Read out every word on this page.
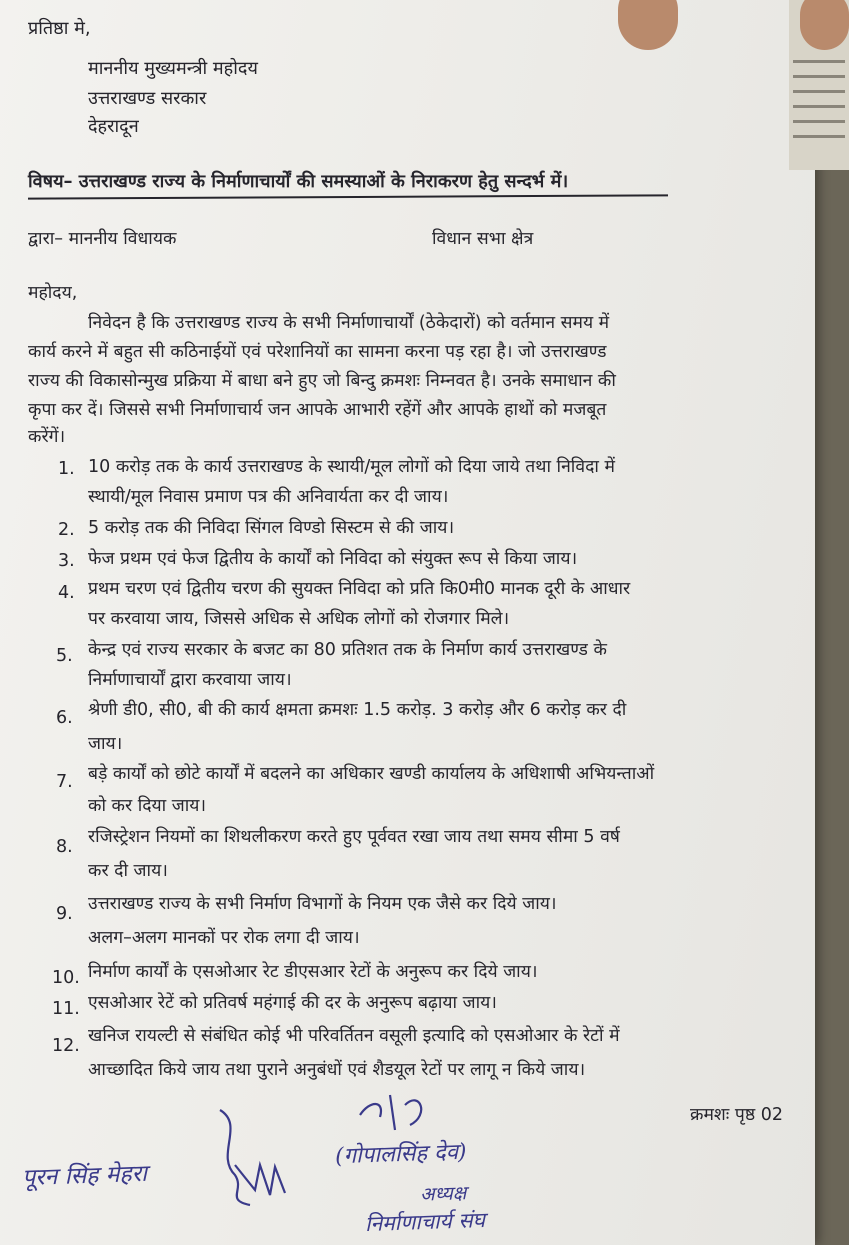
प्रतिष्ठा मे,
माननीय मुख्यमन्त्री महोदय
उत्तराखण्ड सरकार
देहरादून
विषय– उत्तराखण्ड राज्य के निर्माणाचार्यों की समस्याओं के निराकरण हेतु सन्दर्भ में।
द्वारा– माननीय विधायक	विधान सभा क्षेत्र
महोदय,
निवेदन है कि उत्तराखण्ड राज्य के सभी निर्माणाचार्यों (ठेकेदारों) को वर्तमान समय में
कार्य करने में बहुत सी कठिनाईयों एवं परेशानियों का सामना करना पड़ रहा है। जो उत्तराखण्ड
राज्य की विकासोन्मुख प्रक्रिया में बाधा बने हुए जो बिन्दु क्रमशः निम्नवत है। उनके समाधान की
कृपा कर दें। जिससे सभी निर्माणाचार्य जन आपके आभारी रहेंगें और आपके हाथों को मजबूत
करेंगें।
1. 10 करोड़ तक के कार्य उत्तराखण्ड के स्थायी/मूल लोगों को दिया जाये तथा निविदा में
स्थायी/मूल निवास प्रमाण पत्र की अनिवार्यता कर दी जाय।
2. 5 करोड़ तक की निविदा सिंगल विण्डो सिस्टम से की जाय।
3. फेज प्रथम एवं फेज द्वितीय के कार्यों को निविदा को संयुक्त रूप से किया जाय।
4. प्रथम चरण एवं द्वितीय चरण की सुयक्त निविदा को प्रति कि0मी0 मानक दूरी के आधार
पर करवाया जाय, जिससे अधिक से अधिक लोगों को रोजगार मिले।
5. केन्द्र एवं राज्य सरकार के बजट का 80 प्रतिशत तक के निर्माण कार्य उत्तराखण्ड के
निर्माणाचार्यों द्वारा करवाया जाय।
6. श्रेणी डी0, सी0, बी की कार्य क्षमता क्रमशः 1.5 करोड़. 3 करोड़ और 6 करोड़ कर दी
जाय।
7. बड़े कार्यों को छोटे कार्यों में बदलने का अधिकार खण्डी कार्यालय के अधिशाषी अभियन्ताओं
को कर दिया जाय।
8. रजिस्ट्रेशन नियमों का शिथलीकरण करते हुए पूर्ववत रखा जाय तथा समय सीमा 5 वर्ष
कर दी जाय।
9. उत्तराखण्ड राज्य के सभी निर्माण विभागों के नियम एक जैसे कर दिये जाय।
अलग–अलग मानकों पर रोक लगा दी जाय।
10. निर्माण कार्यों के एसओआर रेट डीएसआर रेटों के अनुरूप कर दिये जाय।
11. एसओआर रेटें को प्रतिवर्ष महंगाई की दर के अनुरूप बढ़ाया जाय।
12. खनिज रायल्टी से संबंधित कोई भी परिवर्तितन वसूली इत्यादि को एसओआर के रेटों में
आच्छादित किये जाय तथा पुराने अनुबंधों एवं शैडयूल रेटों पर लागू न किये जाय।
क्रमशः पृष्ठ 02
पूरन सिंह मेहरा
(गोपालसिंह देव)
अध्यक्ष
निर्माणाचार्य संघ
